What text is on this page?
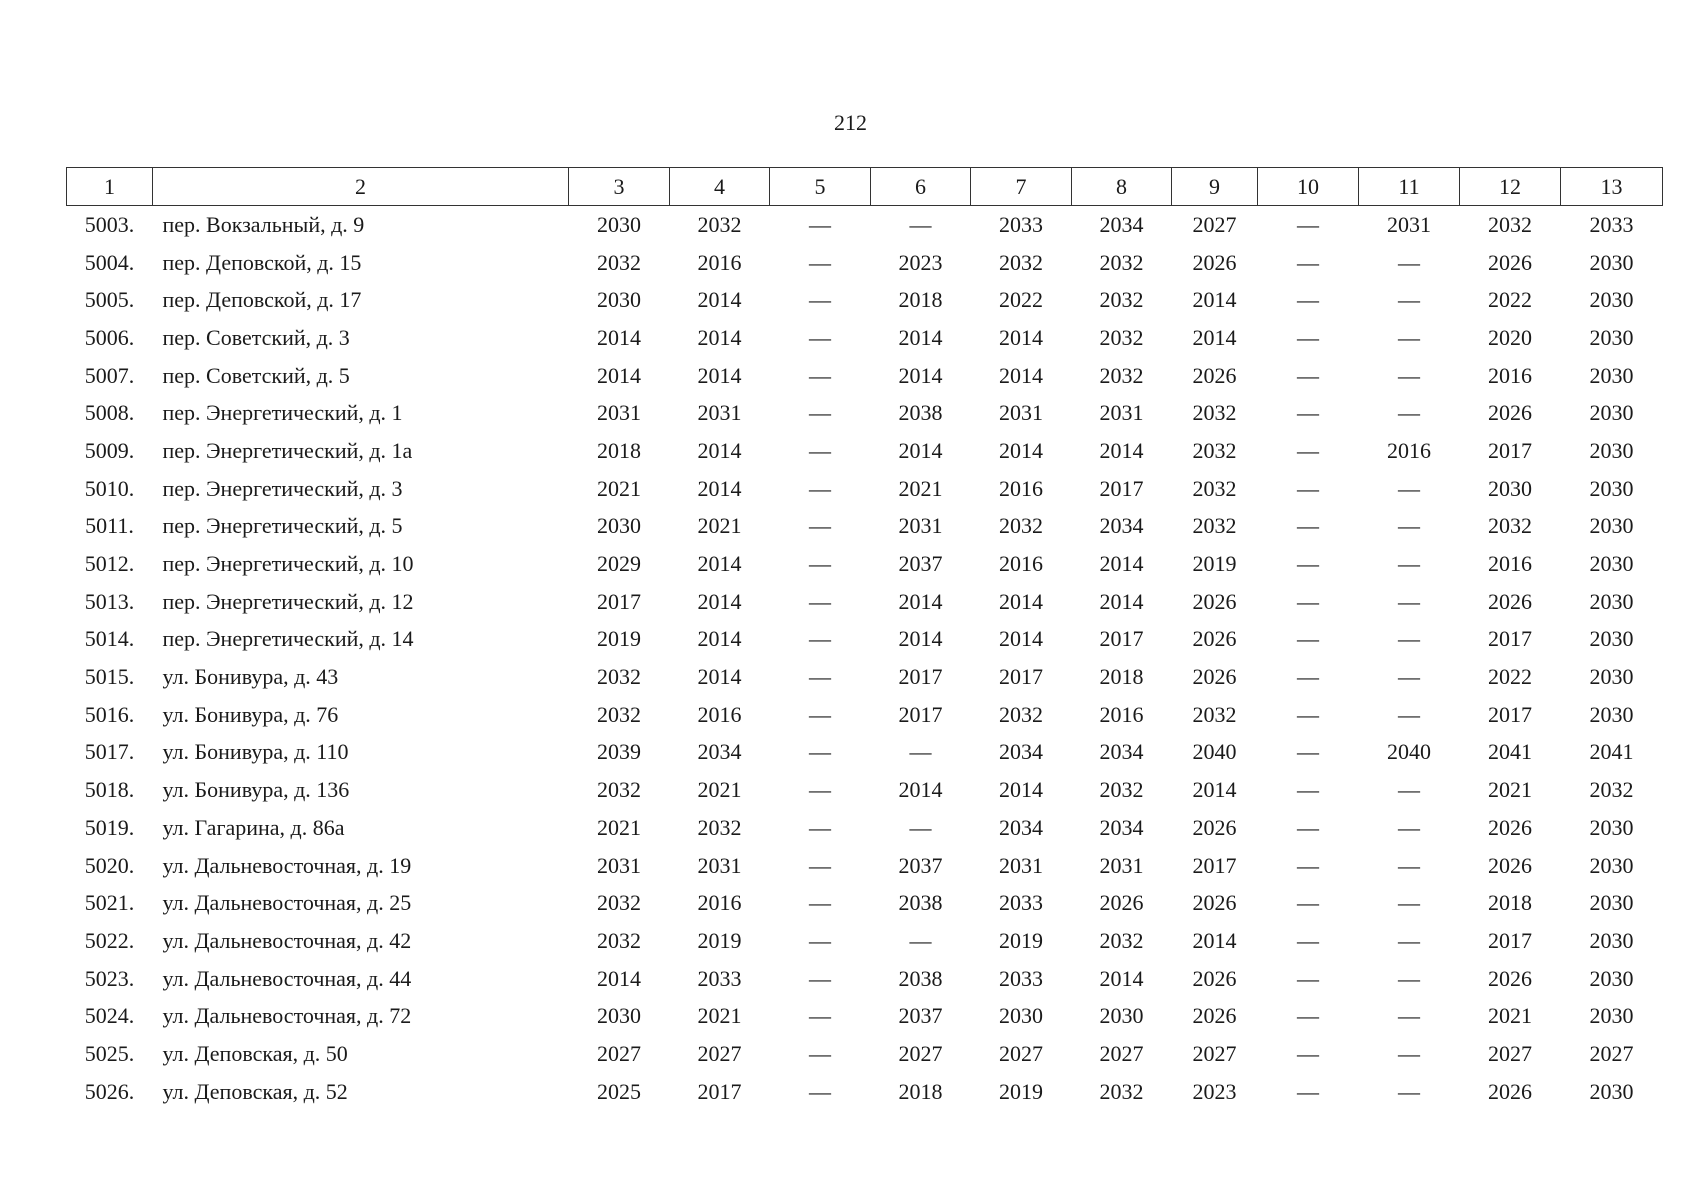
212
1	2	3	4	5	6	7	8	9	10	11	12	13
5003.	пер. Вокзальный, д. 9	2030	2032	—	—	2033	2034	2027	—	2031	2032	2033
5004.	пер. Деповской, д. 15	2032	2016	—	2023	2032	2032	2026	—	—	2026	2030
5005.	пер. Деповской, д. 17	2030	2014	—	2018	2022	2032	2014	—	—	2022	2030
5006.	пер. Советский, д. 3	2014	2014	—	2014	2014	2032	2014	—	—	2020	2030
5007.	пер. Советский, д. 5	2014	2014	—	2014	2014	2032	2026	—	—	2016	2030
5008.	пер. Энергетический, д. 1	2031	2031	—	2038	2031	2031	2032	—	—	2026	2030
5009.	пер. Энергетический, д. 1а	2018	2014	—	2014	2014	2014	2032	—	2016	2017	2030
5010.	пер. Энергетический, д. 3	2021	2014	—	2021	2016	2017	2032	—	—	2030	2030
5011.	пер. Энергетический, д. 5	2030	2021	—	2031	2032	2034	2032	—	—	2032	2030
5012.	пер. Энергетический, д. 10	2029	2014	—	2037	2016	2014	2019	—	—	2016	2030
5013.	пер. Энергетический, д. 12	2017	2014	—	2014	2014	2014	2026	—	—	2026	2030
5014.	пер. Энергетический, д. 14	2019	2014	—	2014	2014	2017	2026	—	—	2017	2030
5015.	ул. Бонивура, д. 43	2032	2014	—	2017	2017	2018	2026	—	—	2022	2030
5016.	ул. Бонивура, д. 76	2032	2016	—	2017	2032	2016	2032	—	—	2017	2030
5017.	ул. Бонивура, д. 110	2039	2034	—	—	2034	2034	2040	—	2040	2041	2041
5018.	ул. Бонивура, д. 136	2032	2021	—	2014	2014	2032	2014	—	—	2021	2032
5019.	ул. Гагарина, д. 86а	2021	2032	—	—	2034	2034	2026	—	—	2026	2030
5020.	ул. Дальневосточная, д. 19	2031	2031	—	2037	2031	2031	2017	—	—	2026	2030
5021.	ул. Дальневосточная, д. 25	2032	2016	—	2038	2033	2026	2026	—	—	2018	2030
5022.	ул. Дальневосточная, д. 42	2032	2019	—	—	2019	2032	2014	—	—	2017	2030
5023.	ул. Дальневосточная, д. 44	2014	2033	—	2038	2033	2014	2026	—	—	2026	2030
5024.	ул. Дальневосточная, д. 72	2030	2021	—	2037	2030	2030	2026	—	—	2021	2030
5025.	ул. Деповская, д. 50	2027	2027	—	2027	2027	2027	2027	—	—	2027	2027
5026.	ул. Деповская, д. 52	2025	2017	—	2018	2019	2032	2023	—	—	2026	2030
